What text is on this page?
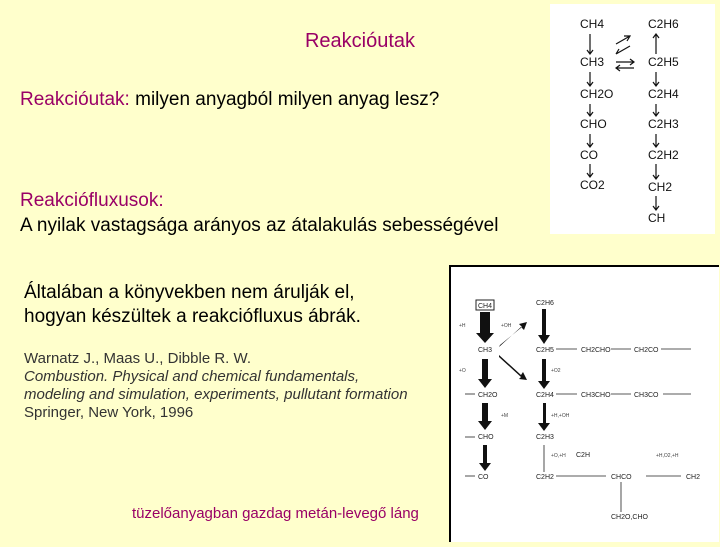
Reakcióutak
Reakcióutak: milyen anyagból milyen anyag lesz?
Reakciófluxusok:
A nyilak vastagsága arányos az átalakulás sebességével
Általában a könyvekben nem árulják el,
hogyan készültek a reakciófluxus ábrák.
Warnatz J., Maas U., Dibble R. W.
Combustion. Physical and chemical fundamentals,
modeling and simulation, experiments, pullutant formation
Springer, New York, 1996
tüzelőanyagban gazdag metán-levegő láng
CH4
CH3
CH2O
CHO
CO
CO2
C2H6
C2H5
C2H4
C2H3
C2H2
CH2
CH
CH4
CH3
CH2O
CHO
CO
C2H6
C2H5
C2H4
C2H3
C2H2
CH2CHO	CH2CO
CHCO
CH2O,CHO
CH3CHO	CH3CO
CH2
C2H
+H	+OH
+O
+M
+O2
+H,+OH
+O,+H	+H,O2,+H
